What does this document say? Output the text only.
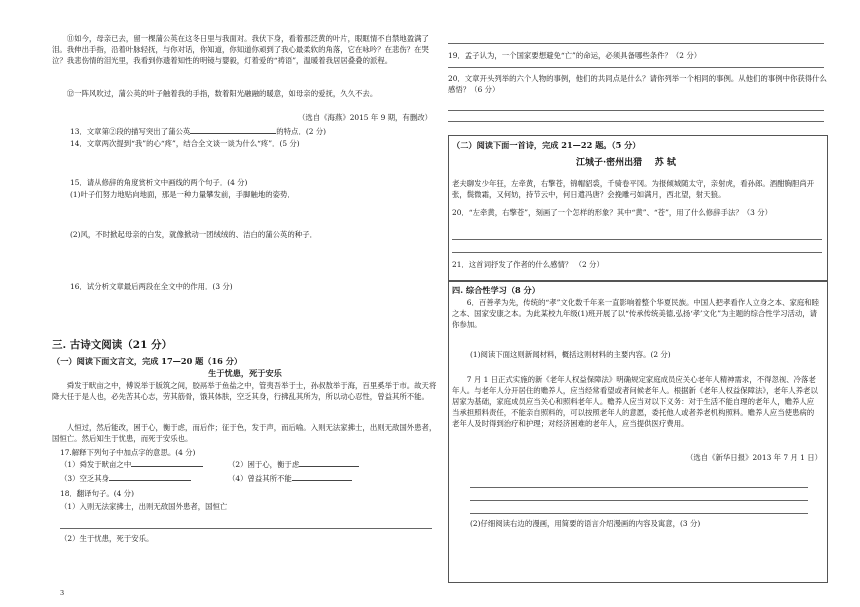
⑪如今，母亲已去，留一棵蒲公英在这冬日里与我面对。我伏下身，看着那泛黄的叶片，眼眶情不自禁地盈满了泪。我伸出手指，沿着叶脉轻抚，与你对话，你知道，你知道你顽到了我心最柔软的角落，它在咏吟？在悲伤？在哭泣？我悲伤情的泪光里，我看到你遗着知性的明镜与婴毅，灯着爱的“祷语”，温暖着我居居叠叠的派程。

⑫一阵风吹过，蒲公英的叶子触着我的手指，数着阳光融融的暖意，如母亲的爱抚，久久不去。

（选自《海燕》2015 年 9 期，有删改）

13．文章第②段的描写突出了蒲公英	的特点．(2 分)

14．文章两次提到“我”的心“疼”，结合全文谈一谈为什么“疼”．(5 分)

15．请从修辞的角度赏析文中画线的两个句子．(4 分)

(1)叶子们努力地贴向地面，那是一种力量攀发前，手脚触地的姿势．

(2)风，不时掀起母亲的白发，就像掀动一团绒绒的、洁白的蒲公英的种子．

16．试分析文章最后两段在全文中的作用．(3 分)

三. 古诗文阅读（21 分）
（一）阅读下面文言文，完成 17—20 题（16 分）
生于忧患，死于安乐

舜发于畎亩之中，傅说举于版筑之间，胶鬲举于鱼盐之中，管夷吾举于士，孙叔敖举于海，百里奚举于市。故天将降大任于是人也，必先苦其心志，劳其筋骨，饿其体肤，空乏其身，行拂乱其所为，所以动心忍性，曾益其所不能。

人恒过，然后能改，困于心，衡于虑，而后作；征于色，发于声，而后喻。入则无法家拂士，出则无敌国外患者，国恒亡。然后知生于忧患，而死于安乐也。

17.解释下列句子中加点字的意思。(4 分)

（1）舜发于畎亩之中	（2）困于心，衡于虑

（3）空乏其身	（4）曾益其所不能

18．翻译句子。(4 分)

（1）入则无法家拂士，出则无敌国外患者，国恒亡

（2）生于忧患，死于安乐。

3

19．孟子认为，一个国家要想避免“亡”的命运，必须具备哪些条件？（2 分）

20．文章开头列举的六个人物的事例，他们的共同点是什么？请你列举一个相同的事例。从他们的事例中你获得什么感悟？（6 分）

（二）阅读下面一首诗，完成 21—22 题。（5 分）
江城子·密州出猎 苏 轼

老夫聊发少年狂，左牵黄，右擎苍，锦帽貂裘，千骑卷平冈。为报倾城随太守，亲射虎，看孙郎。酒酣胸胆尚开张，鬓微霜，又何妨，持节云中，何日遣冯唐？会挽雕弓如满月，西北望，射天狼。

20．“左牵黄，右擎苍”，刻画了一个怎样的形象？其中“黄”、“苍”，用了什么修辞手法？（3 分）

21．这首词抒发了作者的什么感情？ （2 分）

四. 综合性学习（8 分）

6．百善孝为先，传统的“孝”文化数千年来一直影响着整个华夏民族。中国人把孝看作人立身之本、家庭和睦之本、国家安康之本。为此某校九年级(1)班开展了以“传承传统美德,弘扬‘孝’文化”为主题的综合性学习活动，请你参加。

(1)阅读下面这则新闻材料，概括这则材料的主要内容。(2 分)

7 月 1 日正式实施的新《老年人权益保障法》明确规定家庭成员应关心老年人精神需求，不得忽视、冷落老年人。与老年人分开居住的赡养人，应当经常看望或者问候老年人。根据新《老年人权益保障法》，老年人养老以居家为基础，家庭成员应当关心和照料老年人。赡养人应当对以下义务：对于生活不能自理的老年人，赡养人应当承担照料责任，不能亲自照料的，可以按照老年人的意愿，委托他人或者养老机构照料。赡养人应当使患病的老年人及时得到治疗和护理；对经济困难的老年人，应当提供医疗费用。

（选自《新华日报》2013 年 7 月 1 日）

(2)仔细阅读右边的漫画，用简要的语言介绍漫画的内容及寓意，(3 分)
